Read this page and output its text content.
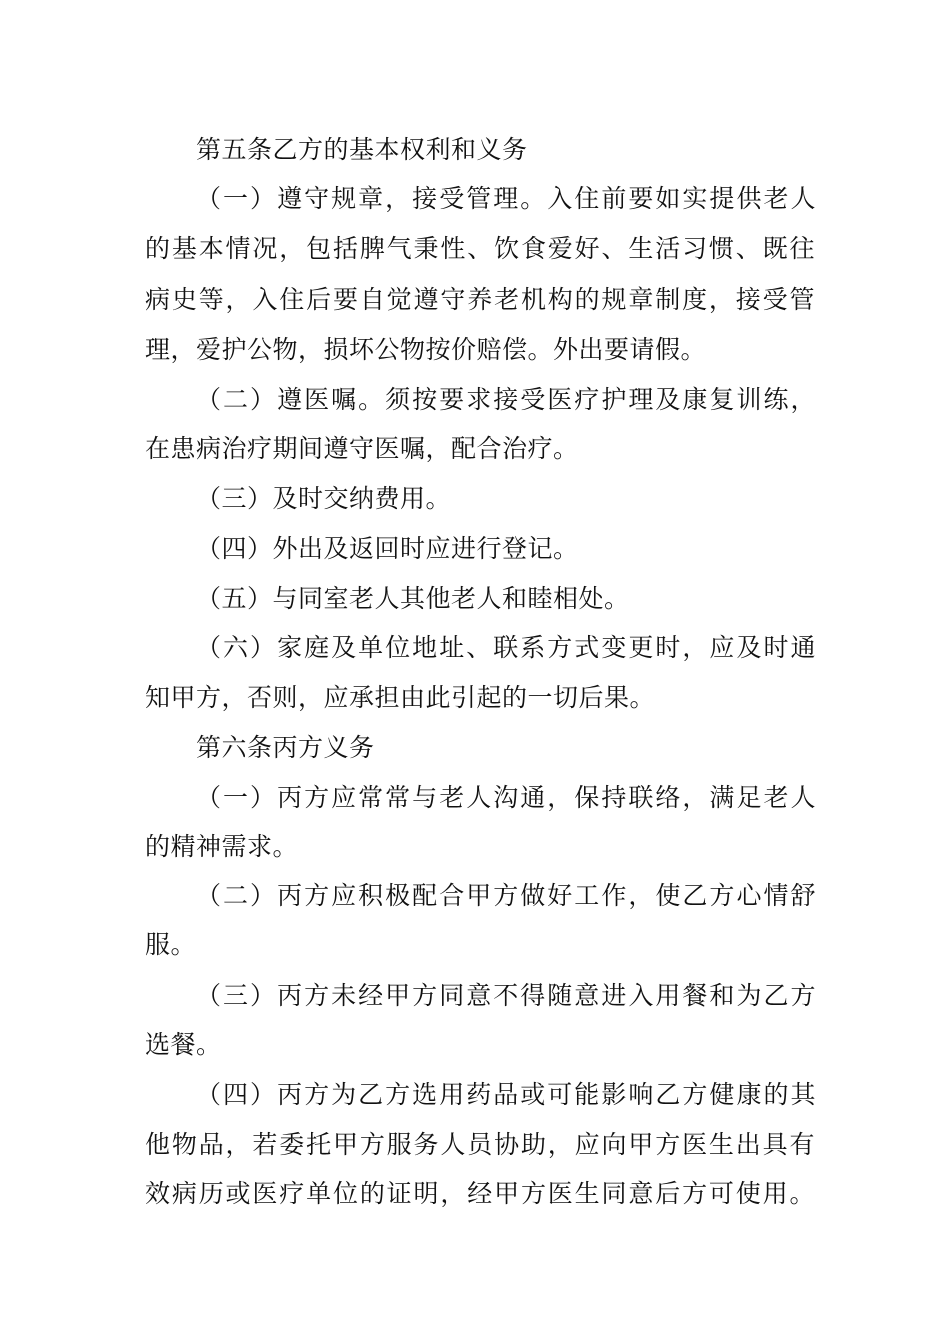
第五条乙方的基本权利和义务
（一）遵守规章，接受管理。入住前要如实提供老人
的基本情况，包括脾气秉性、饮食爱好、生活习惯、既往
病史等，入住后要自觉遵守养老机构的规章制度，接受管
理，爱护公物，损坏公物按价赔偿。外出要请假。
（二）遵医嘱。须按要求接受医疗护理及康复训练，
在患病治疗期间遵守医嘱，配合治疗。
（三）及时交纳费用。
（四）外出及返回时应进行登记。
（五）与同室老人其他老人和睦相处。
（六）家庭及单位地址、联系方式变更时，应及时通
知甲方，否则，应承担由此引起的一切后果。
第六条丙方义务
（一）丙方应常常与老人沟通，保持联络，满足老人
的精神需求。
（二）丙方应积极配合甲方做好工作，使乙方心情舒
服。
（三）丙方未经甲方同意不得随意进入用餐和为乙方
选餐。
（四）丙方为乙方选用药品或可能影响乙方健康的其
他物品，若委托甲方服务人员协助，应向甲方医生出具有
效病历或医疗单位的证明，经甲方医生同意后方可使用。
